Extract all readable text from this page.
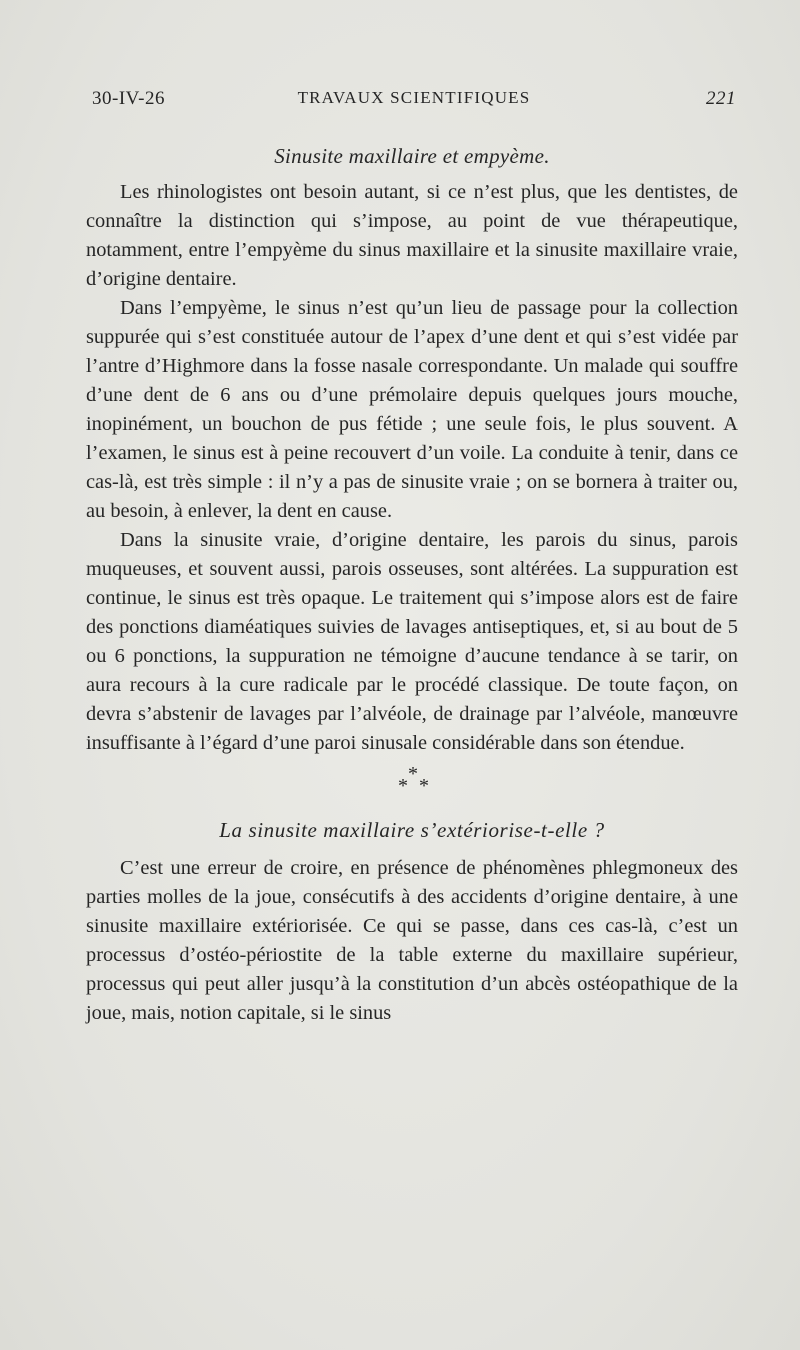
30-IV-26	TRAVAUX SCIENTIFIQUES	221
Sinusite maxillaire et empyème.

Les rhinologistes ont besoin autant, si ce n’est plus, que les dentistes, de connaître la distinction qui s’impose, au point de vue thérapeutique, notamment, entre l’empyème du sinus maxillaire et la sinusite maxillaire vraie, d’origine dentaire.

Dans l’empyème, le sinus n’est qu’un lieu de passage pour la collection suppurée qui s’est constituée autour de l’apex d’une dent et qui s’est vidée par l’antre d’Highmore dans la fosse nasale correspondante. Un malade qui souffre d’une dent de 6 ans ou d’une prémolaire depuis quelques jours mouche, inopinément, un bouchon de pus fétide ; une seule fois, le plus souvent. A l’examen, le sinus est à peine recouvert d’un voile. La conduite à tenir, dans ce cas-là, est très simple : il n’y a pas de sinusite vraie ; on se bornera à traiter ou, au besoin, à enlever, la dent en cause.

Dans la sinusite vraie, d’origine dentaire, les parois du sinus, parois muqueuses, et souvent aussi, parois osseuses, sont altérées. La suppuration est continue, le sinus est très opaque. Le traitement qui s’impose alors est de faire des ponctions diaméatiques suivies de lavages antiseptiques, et, si au bout de 5 ou 6 ponctions, la suppuration ne témoigne d’aucune tendance à se tarir, on aura recours à la cure radicale par le procédé classique. De toute façon, on devra s’abstenir de lavages par l’alvéole, de drainage par l’alvéole, manœuvre insuffisante à l’égard d’une paroi sinusale considérable dans son étendue.

*
* *
La sinusite maxillaire s’extériorise-t-elle ?

C’est une erreur de croire, en présence de phénomènes phlegmoneux des parties molles de la joue, consécutifs à des accidents d’origine dentaire, à une sinusite maxillaire extériorisée. Ce qui se passe, dans ces cas-là, c’est un processus d’ostéo-périostite de la table externe du maxillaire supérieur, processus qui peut aller jusqu’à la constitution d’un abcès ostéopathique de la joue, mais, notion capitale, si le sinus
